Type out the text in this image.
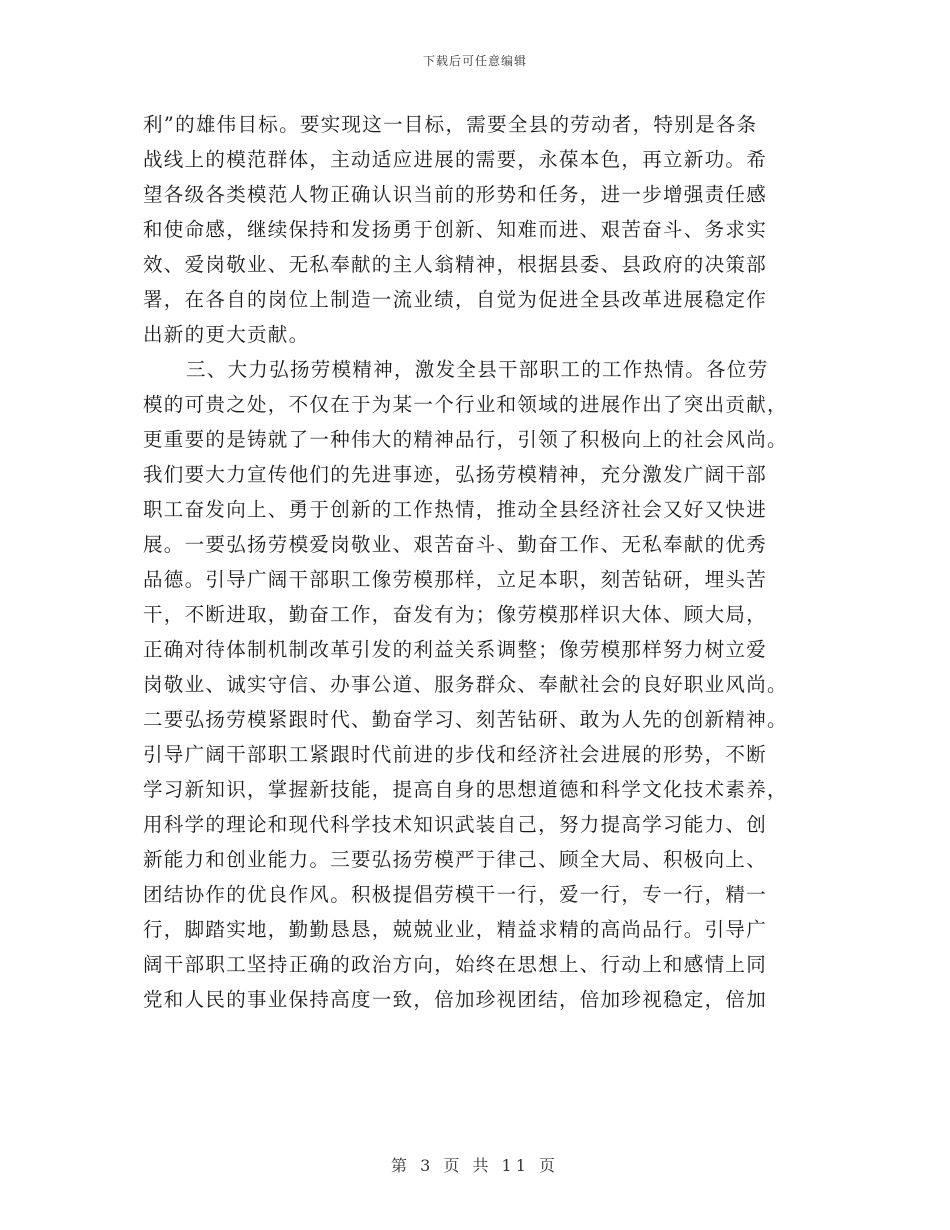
下载后可任意编辑
利”的雄伟目标。要实现这一目标，需要全县的劳动者，特别是各条
战线上的模范群体，主动适应进展的需要，永葆本色，再立新功。希
望各级各类模范人物正确认识当前的形势和任务，进一步增强责任感
和使命感，继续保持和发扬勇于创新、知难而进、艰苦奋斗、务求实
效、爱岗敬业、无私奉献的主人翁精神，根据县委、县政府的决策部
署，在各自的岗位上制造一流业绩，自觉为促进全县改革进展稳定作
出新的更大贡献。
三、大力弘扬劳模精神，激发全县干部职工的工作热情。各位劳
模的可贵之处，不仅在于为某一个行业和领域的进展作出了突出贡献，
更重要的是铸就了一种伟大的精神品行，引领了积极向上的社会风尚。
我们要大力宣传他们的先进事迹，弘扬劳模精神，充分激发广阔干部
职工奋发向上、勇于创新的工作热情，推动全县经济社会又好又快进
展。一要弘扬劳模爱岗敬业、艰苦奋斗、勤奋工作、无私奉献的优秀
品德。引导广阔干部职工像劳模那样，立足本职，刻苦钻研，埋头苦
干，不断进取，勤奋工作，奋发有为；像劳模那样识大体、顾大局，
正确对待体制机制改革引发的利益关系调整；像劳模那样努力树立爱
岗敬业、诚实守信、办事公道、服务群众、奉献社会的良好职业风尚。
二要弘扬劳模紧跟时代、勤奋学习、刻苦钻研、敢为人先的创新精神。
引导广阔干部职工紧跟时代前进的步伐和经济社会进展的形势，不断
学习新知识，掌握新技能，提高自身的思想道德和科学文化技术素养，
用科学的理论和现代科学技术知识武装自己，努力提高学习能力、创
新能力和创业能力。三要弘扬劳模严于律己、顾全大局、积极向上、
团结协作的优良作风。积极提倡劳模干一行，爱一行，专一行，精一
行，脚踏实地，勤勤恳恳，兢兢业业，精益求精的高尚品行。引导广
阔干部职工坚持正确的政治方向，始终在思想上、行动上和感情上同
党和人民的事业保持高度一致，倍加珍视团结，倍加珍视稳定，倍加
第 3 页 共 11 页
